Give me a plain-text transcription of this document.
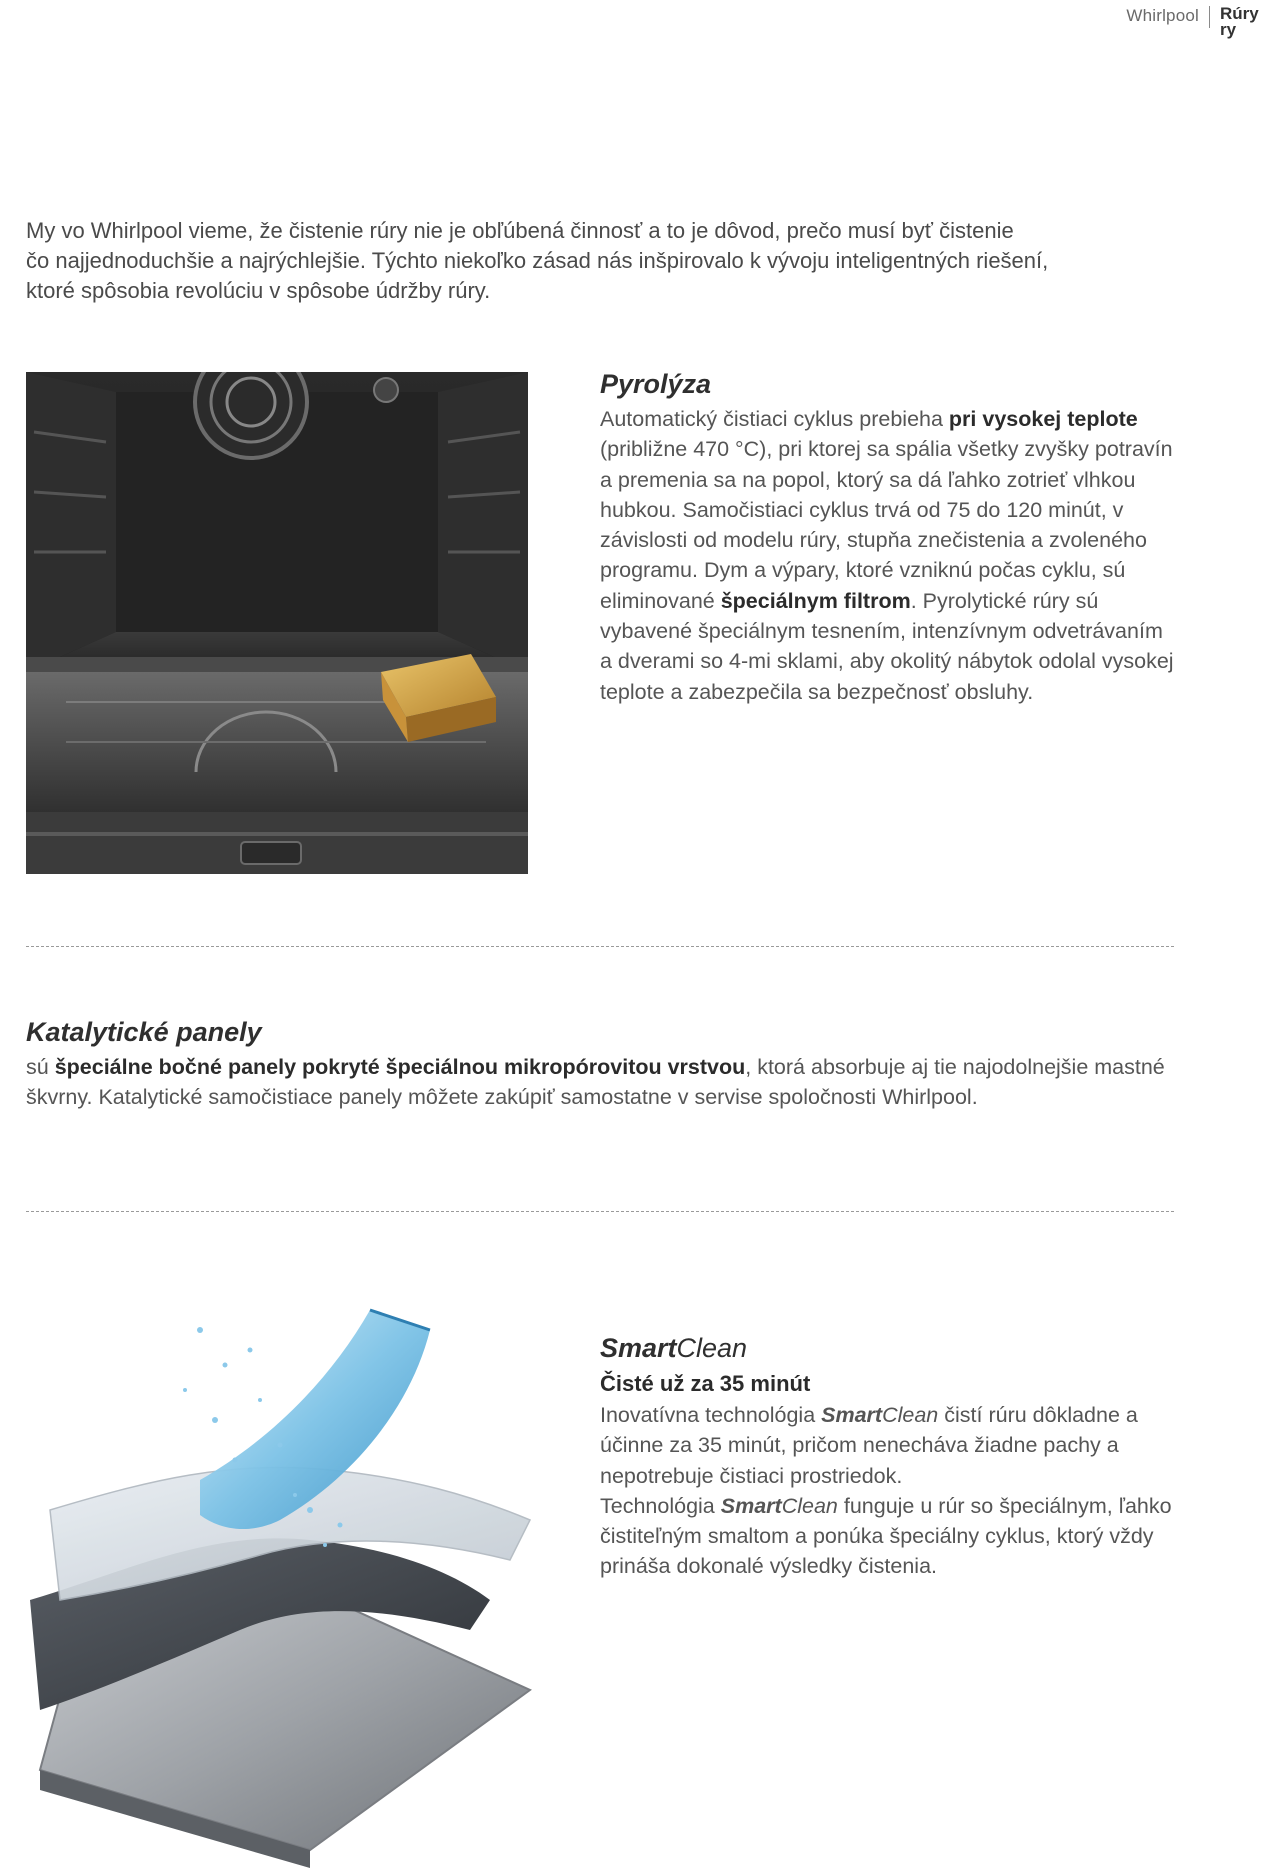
Whirlpool	Rúry
ry
My vo Whirlpool vieme, že čistenie rúry nie je obľúbená činnosť a to je dôvod, prečo musí byť čistenie
čo najjednoduchšie a najrýchlejšie. Týchto niekoľko zásad nás inšpirovalo k vývoju inteligentných riešení,
ktoré spôsobia revolúciu v spôsobe údržby rúry.
Pyrolýza
Automatický čistiaci cyklus prebieha pri vysokej teplote (približne 470 °C), pri ktorej sa spália všetky zvyšky potravín a premenia sa na popol, ktorý sa dá ľahko zotrieť vlhkou hubkou. Samočistiaci cyklus trvá od 75 do 120 minút, v závislosti od modelu rúry, stupňa znečistenia a zvoleného programu. Dym a výpary, ktoré vzniknú počas cyklu, sú eliminované špeciálnym filtrom. Pyrolytické rúry sú vybavené špeciálnym tesnením, intenzívnym odvetrávaním a dverami so 4-mi sklami, aby okolitý nábytok odolal vysokej teplote a zabezpečila sa bezpečnosť obsluhy.
Katalytické panely
sú špeciálne bočné panely pokryté špeciálnou mikropórovitou vrstvou, ktorá absorbuje aj tie najodolnejšie mastné škvrny. Katalytické samočistiace panely môžete zakúpiť samostatne v servise spoločnosti Whirlpool.
SmartClean
Čisté už za 35 minút
Inovatívna technológia SmartClean čistí rúru dôkladne a účinne za 35 minút, pričom nenecháva žiadne pachy a nepotrebuje čistiaci prostriedok.
Technológia SmartClean funguje u rúr so špeciálnym, ľahko čistiteľným smaltom a ponúka špeciálny cyklus, ktorý vždy prináša dokonalé výsledky čistenia.
